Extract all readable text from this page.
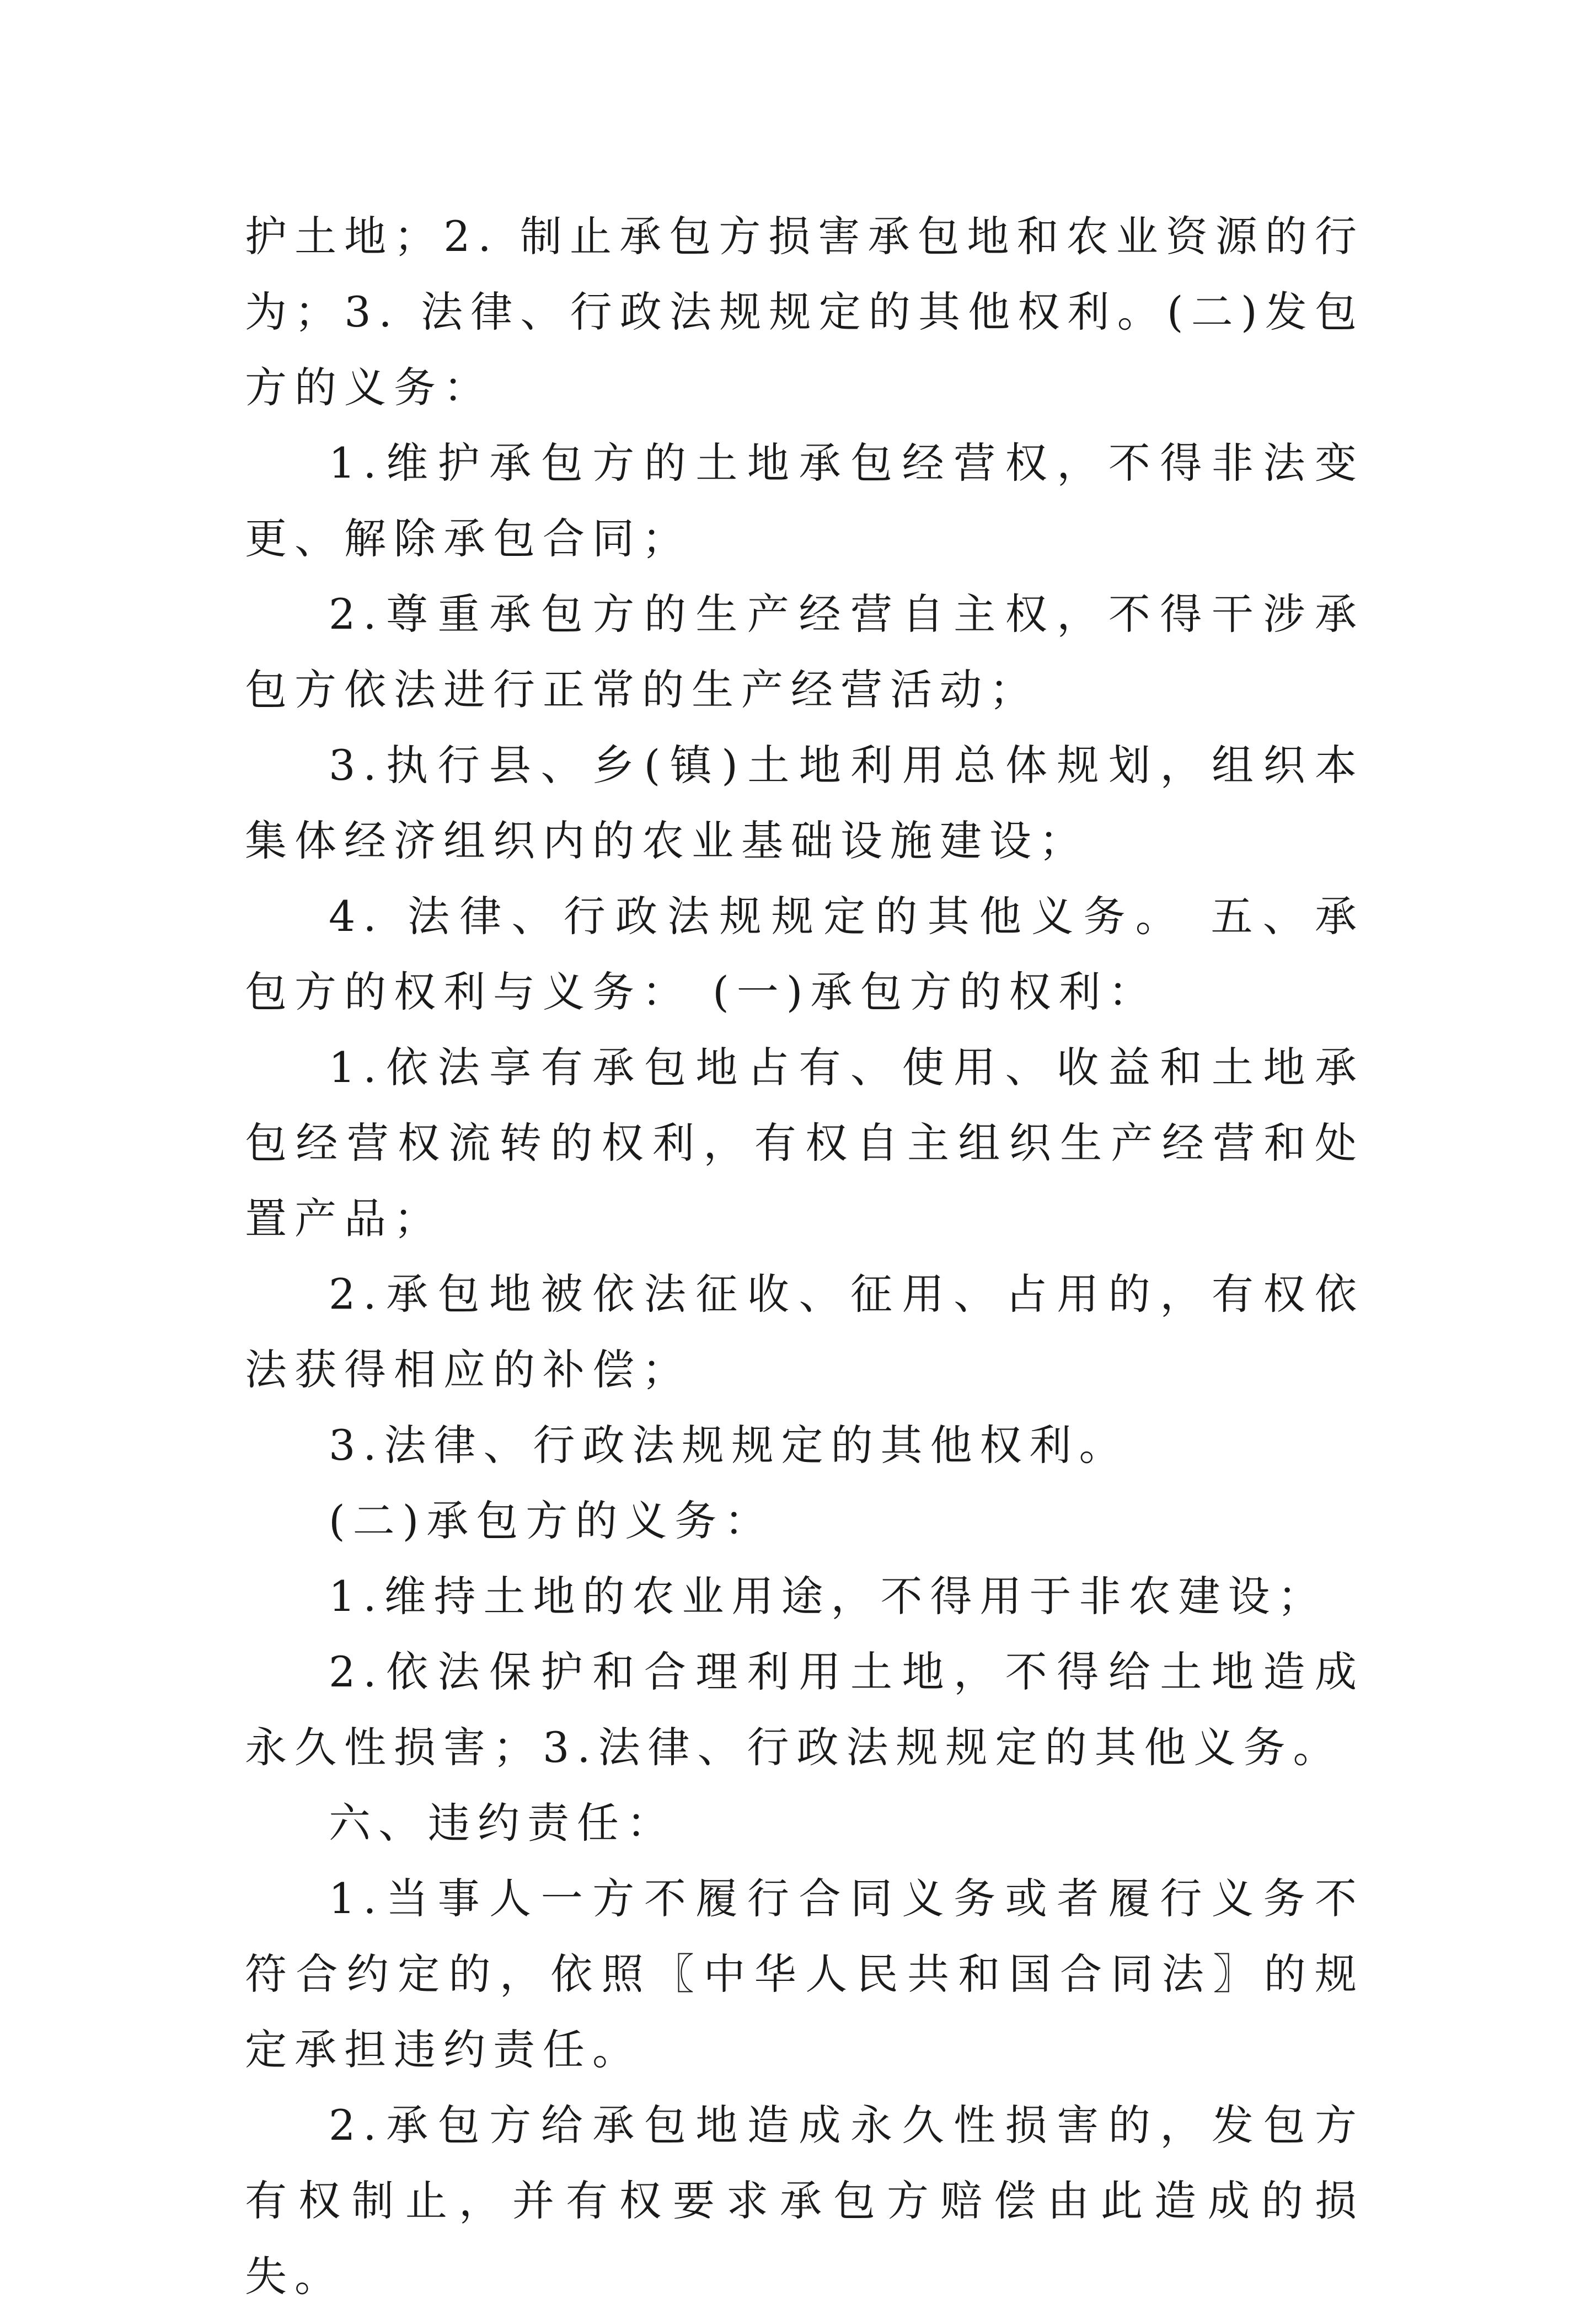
护土地；2. 制止承包方损害承包地和农业资源的行为；3. 法律、行政法规规定的其他权利。(二)发包方的义务：

1.维护承包方的土地承包经营权，不得非法变更、解除承包合同；

2.尊重承包方的生产经营自主权，不得干涉承包方依法进行正常的生产经营活动；

3.执行县、乡(镇)土地利用总体规划，组织本集体经济组织内的农业基础设施建设；

4. 法律、行政法规规定的其他义务。 五、承包方的权利与义务： (一)承包方的权利：

1.依法享有承包地占有、使用、收益和土地承包经营权流转的权利，有权自主组织生产经营和处置产品；

2.承包地被依法征收、征用、占用的，有权依法获得相应的补偿；

3.法律、行政法规规定的其他权利。

(二)承包方的义务：

1.维持土地的农业用途，不得用于非农建设；

2.依法保护和合理利用土地，不得给土地造成永久性损害；3.法律、行政法规规定的其他义务。

六、违约责任：

1.当事人一方不履行合同义务或者履行义务不符合约定的，依照〖中华人民共和国合同法〗的规定承担违约责任。

2.承包方给承包地造成永久性损害的，发包方有权制止，并有权要求承包方赔偿由此造成的损失。
